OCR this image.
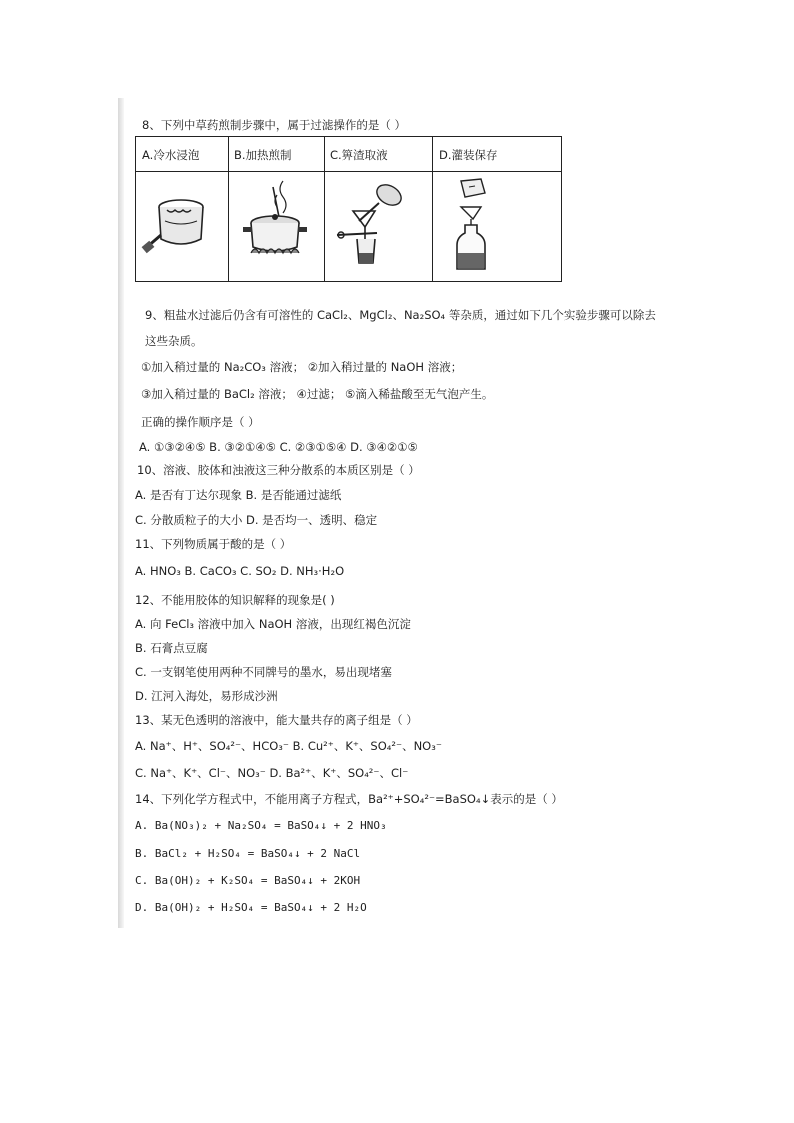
8、下列中草药煎制步骤中，属于过滤操作的是（ ）
A.冷水浸泡	B.加热煎制	C.箅渣取液	D.灌装保存
9、粗盐水过滤后仍含有可溶性的 CaCl₂、MgCl₂、Na₂SO₄ 等杂质，通过如下几个实验步骤可以除去
这些杂质。
①加入稍过量的 Na₂CO₃ 溶液； ②加入稍过量的 NaOH 溶液；
③加入稍过量的 BaCl₂ 溶液； ④过滤； ⑤滴入稀盐酸至无气泡产生。
正确的操作顺序是（ ）
A. ①③②④⑤ B. ③②①④⑤ C. ②③①⑤④ D. ③④②①⑤
10、溶液、胶体和浊液这三种分散系的本质区别是（ ）
A. 是否有丁达尔现象 B. 是否能通过滤纸
C. 分散质粒子的大小 D. 是否均一、透明、稳定
11、下列物质属于酸的是（ ）
A. HNO₃ B. CaCO₃ C. SO₂ D. NH₃·H₂O
12、不能用胶体的知识解释的现象是( )
A. 向 FeCl₃ 溶液中加入 NaOH 溶液，出现红褐色沉淀
B. 石膏点豆腐
C. 一支钢笔使用两种不同牌号的墨水，易出现堵塞
D. 江河入海处，易形成沙洲
13、某无色透明的溶液中，能大量共存的离子组是（ ）
A. Na⁺、H⁺、SO₄²⁻、HCO₃⁻ B. Cu²⁺、K⁺、SO₄²⁻、NO₃⁻
C. Na⁺、K⁺、Cl⁻、NO₃⁻ D. Ba²⁺、K⁺、SO₄²⁻、Cl⁻
14、下列化学方程式中，不能用离子方程式，Ba²⁺+SO₄²⁻=BaSO₄↓表示的是（ ）
A. Ba(NO₃)₂ + Na₂SO₄ = BaSO₄↓ + 2 HNO₃
B. BaCl₂ + H₂SO₄ = BaSO₄↓ + 2 NaCl
C. Ba(OH)₂ + K₂SO₄ = BaSO₄↓ + 2KOH
D. Ba(OH)₂ + H₂SO₄ = BaSO₄↓ + 2 H₂O
